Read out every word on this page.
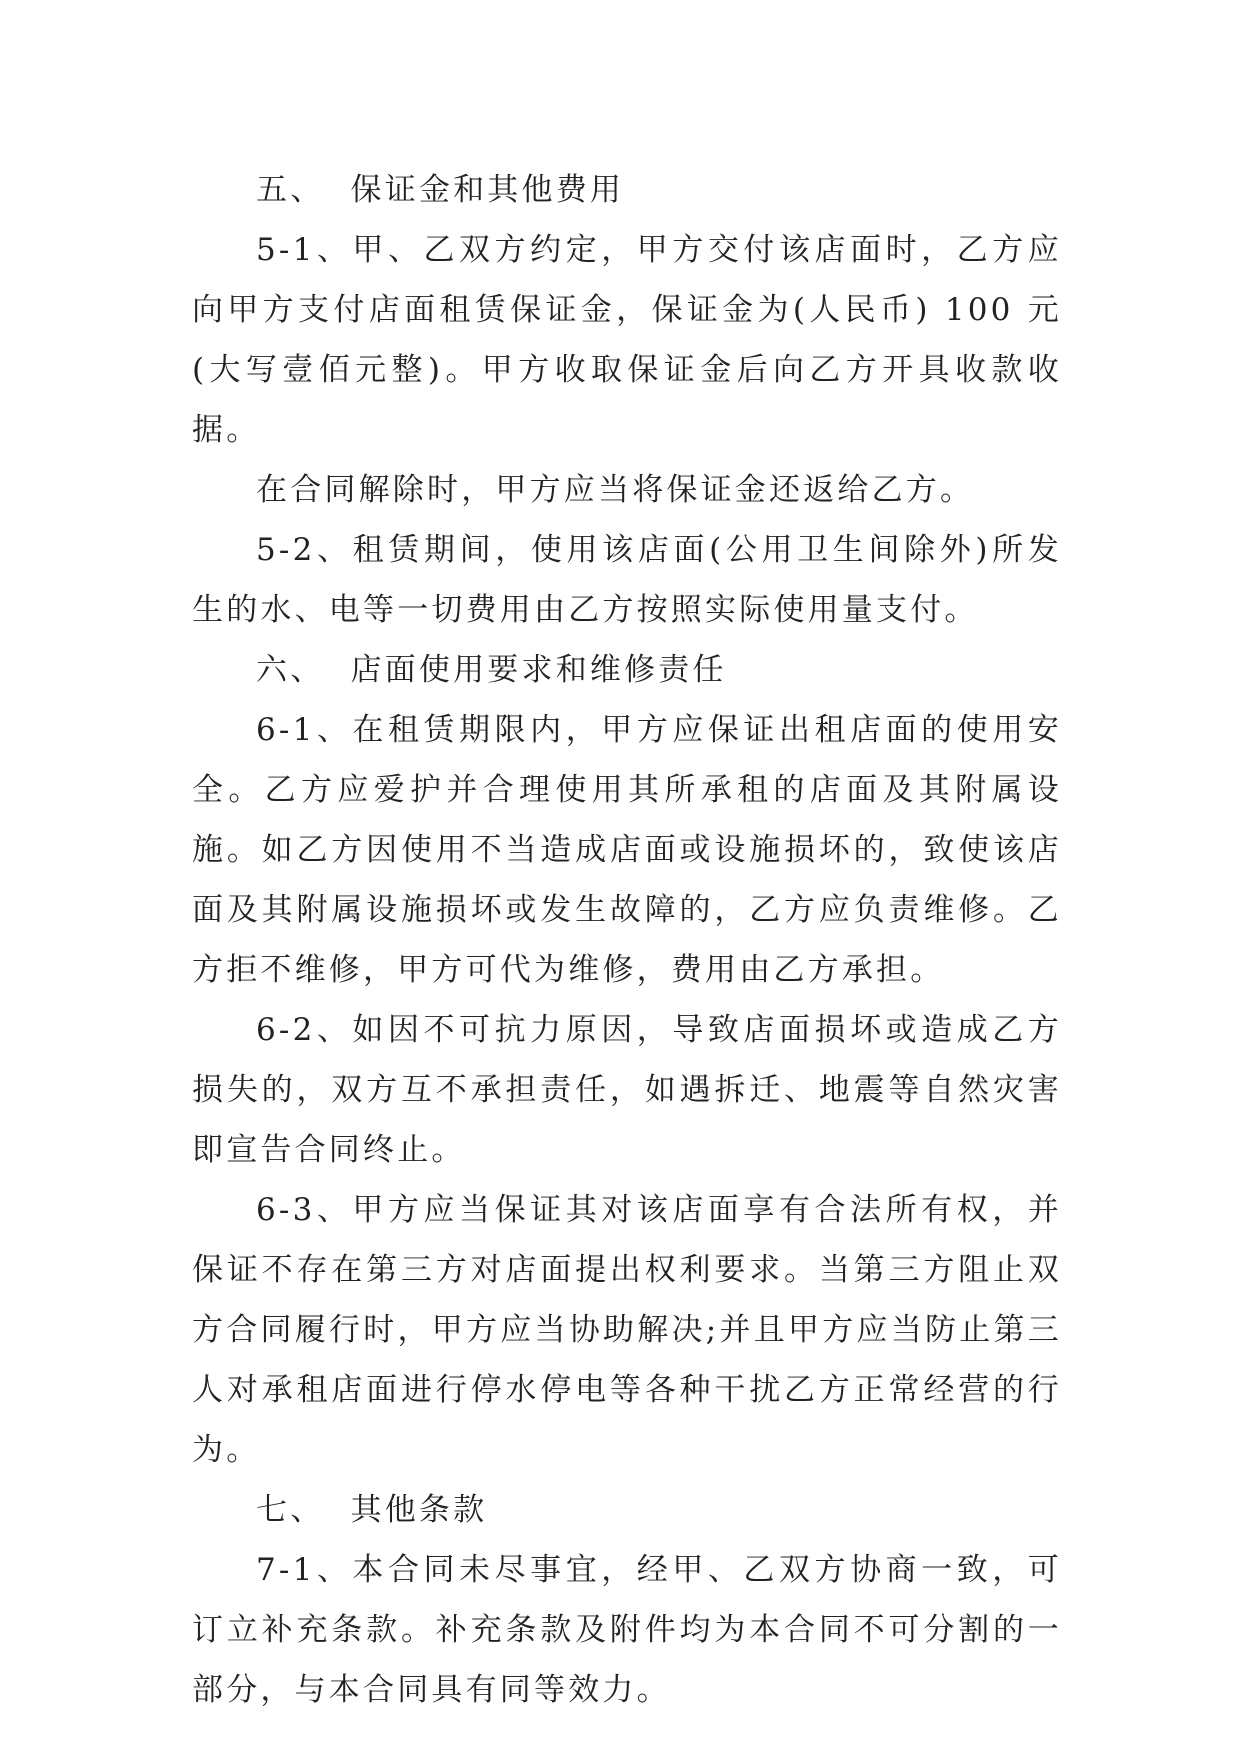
五、  保证金和其他费用

5-1、甲、乙双方约定，甲方交付该店面时，乙方应向甲方支付店面租赁保证金，保证金为(人民币) 100 元(大写壹佰元整)。甲方收取保证金后向乙方开具收款收据。

在合同解除时，甲方应当将保证金还返给乙方。

5-2、租赁期间，使用该店面(公用卫生间除外)所发生的水、电等一切费用由乙方按照实际使用量支付。

六、  店面使用要求和维修责任

6-1、在租赁期限内，甲方应保证出租店面的使用安全。乙方应爱护并合理使用其所承租的店面及其附属设施。如乙方因使用不当造成店面或设施损坏的，致使该店面及其附属设施损坏或发生故障的，乙方应负责维修。乙方拒不维修，甲方可代为维修，费用由乙方承担。

6-2、如因不可抗力原因，导致店面损坏或造成乙方损失的，双方互不承担责任，如遇拆迁、地震等自然灾害即宣告合同终止。

6-3、甲方应当保证其对该店面享有合法所有权，并保证不存在第三方对店面提出权利要求。当第三方阻止双方合同履行时，甲方应当协助解决;并且甲方应当防止第三人对承租店面进行停水停电等各种干扰乙方正常经营的行为。

七、  其他条款

7-1、本合同未尽事宜，经甲、乙双方协商一致，可订立补充条款。补充条款及附件均为本合同不可分割的一部分，与本合同具有同等效力。
